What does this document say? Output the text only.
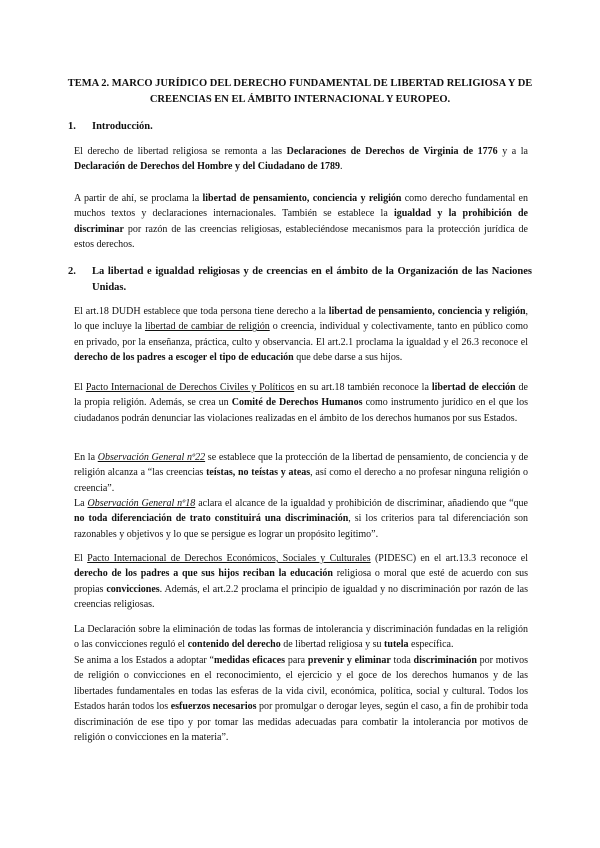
TEMA 2. MARCO JURÍDICO DEL DERECHO FUNDAMENTAL DE LIBERTAD RELIGIOSA Y DE CREENCIAS EN EL ÁMBITO INTERNACIONAL Y EUROPEO.

1. Introducción.

El derecho de libertad religiosa se remonta a las Declaraciones de Derechos de Virginia de 1776 y a la Declaración de Derechos del Hombre y del Ciudadano de 1789.

A partir de ahí, se proclama la libertad de pensamiento, conciencia y religión como derecho fundamental en muchos textos y declaraciones internacionales. También se establece la igualdad y la prohibición de discriminar por razón de las creencias religiosas, estableciéndose mecanismos para la protección jurídica de estos derechos.

2. La libertad e igualdad religiosas y de creencias en el ámbito de la Organización de las Naciones Unidas.

El art.18 DUDH establece que toda persona tiene derecho a la libertad de pensamiento, conciencia y religión, lo que incluye la libertad de cambiar de religión o creencia, individual y colectivamente, tanto en público como en privado, por la enseñanza, práctica, culto y observancia. El art.2.1 proclama la igualdad y el 26.3 reconoce el derecho de los padres a escoger el tipo de educación que debe darse a sus hijos.

El Pacto Internacional de Derechos Civiles y Políticos en su art.18 también reconoce la libertad de elección de la propia religión. Además, se crea un Comité de Derechos Humanos como instrumento jurídico en el que los ciudadanos podrán denunciar las violaciones realizadas en el ámbito de los derechos humanos por sus Estados.

En la Observación General nº22 se establece que la protección de la libertad de pensamiento, de conciencia y de religión alcanza a “las creencias teístas, no teístas y ateas, así como el derecho a no profesar ninguna religión o creencia”.

La Observación General nº18 aclara el alcance de la igualdad y prohibición de discriminar, añadiendo que “que no toda diferenciación de trato constituirá una discriminación, si los criterios para tal diferenciación son razonables y objetivos y lo que se persigue es lograr un propósito legítimo”.

El Pacto Internacional de Derechos Económicos, Sociales y Culturales (PIDESC) en el art.13.3 reconoce el derecho de los padres a que sus hijos reciban la educación religiosa o moral que esté de acuerdo con sus propias convicciones. Además, el art.2.2 proclama el principio de igualdad y no discriminación por razón de las creencias religiosas.

La Declaración sobre la eliminación de todas las formas de intolerancia y discriminación fundadas en la religión o las convicciones reguló el contenido del derecho de libertad religiosa y su tutela específica.

Se anima a los Estados a adoptar “medidas eficaces para prevenir y eliminar toda discriminación por motivos de religión o convicciones en el reconocimiento, el ejercicio y el goce de los derechos humanos y de las libertades fundamentales en todas las esferas de la vida civil, económica, política, social y cultural. Todos los Estados harán todos los esfuerzos necesarios por promulgar o derogar leyes, según el caso, a fin de prohibir toda discriminación de ese tipo y por tomar las medidas adecuadas para combatir la intolerancia por motivos de religión o convicciones en la materia”.
